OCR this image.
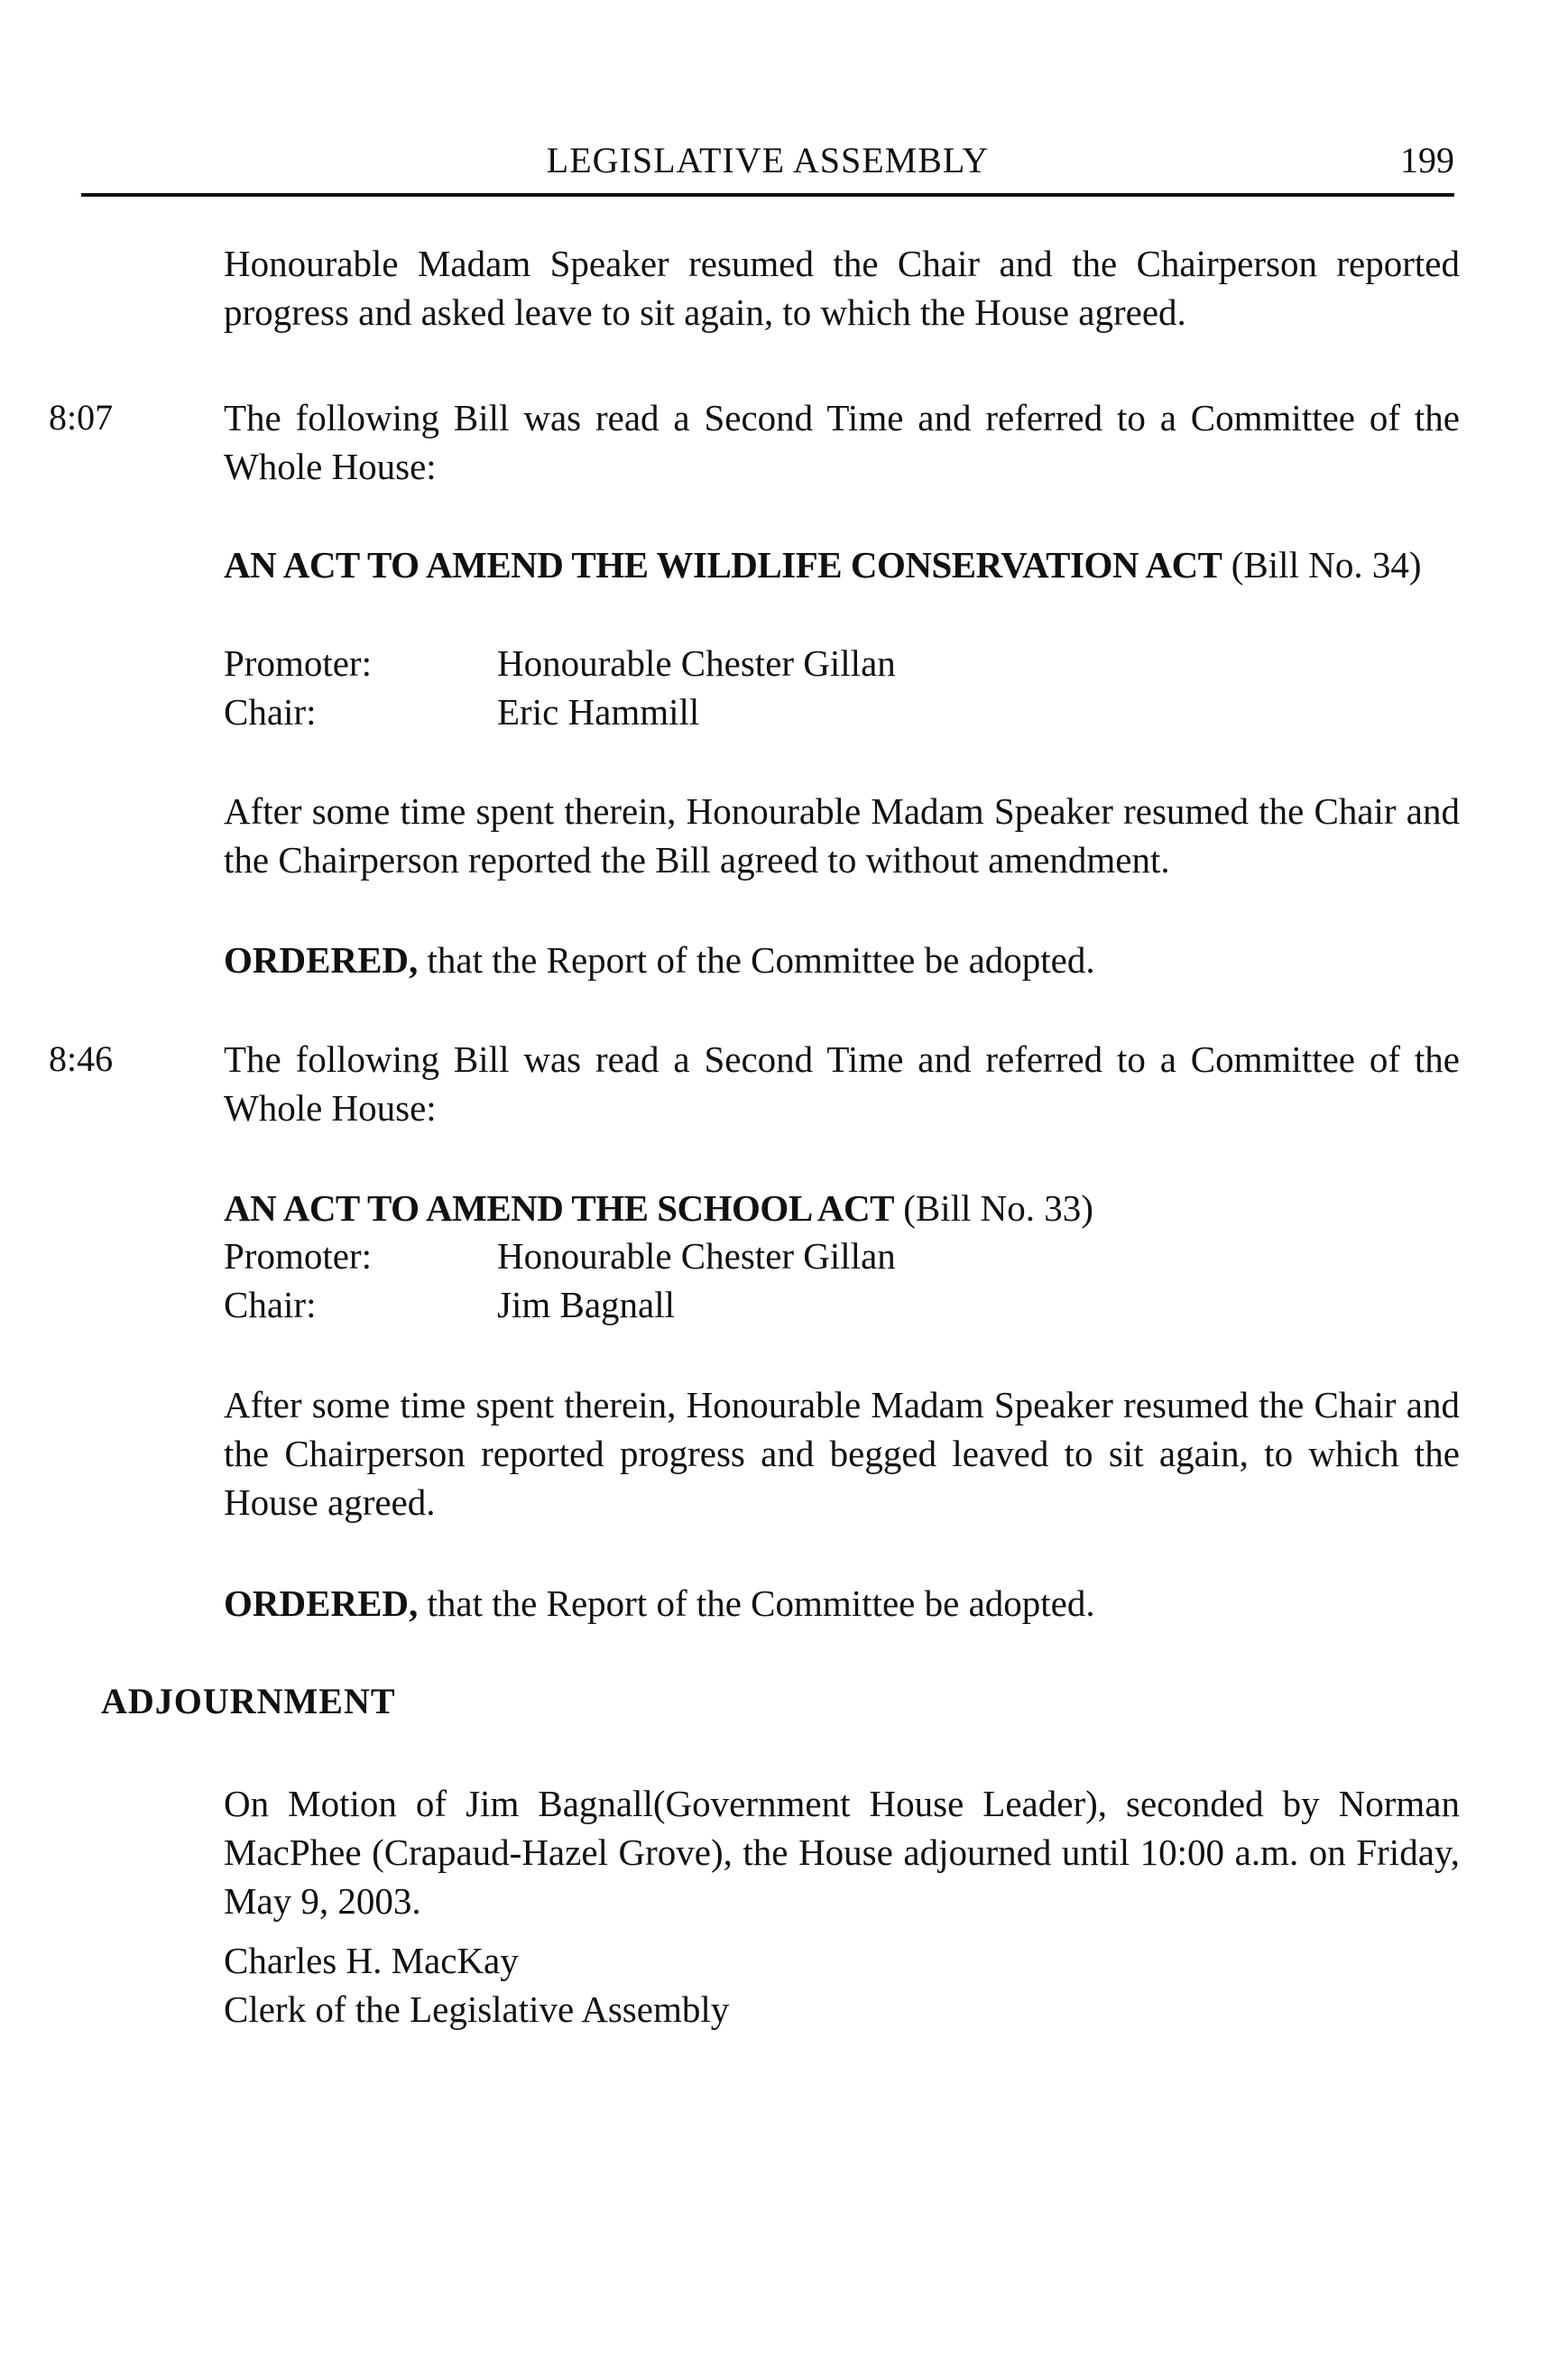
LEGISLATIVE ASSEMBLY	199

Honourable Madam Speaker resumed the Chair and the Chairperson reported progress and asked leave to sit again, to which the House agreed.

8:07	The following Bill was read a Second Time and referred to a Committee of the Whole House:

AN ACT TO AMEND THE WILDLIFE CONSERVATION ACT (Bill No. 34)

Promoter:	Honourable Chester Gillan
Chair:	Eric Hammill

After some time spent therein, Honourable Madam Speaker resumed the Chair and the Chairperson reported the Bill agreed to without amendment.

ORDERED, that the Report of the Committee be adopted.

8:46	The following Bill was read a Second Time and referred to a Committee of the Whole House:

AN ACT TO AMEND THE SCHOOL ACT (Bill No. 33)

Promoter:	Honourable Chester Gillan
Chair:	Jim Bagnall

After some time spent therein, Honourable Madam Speaker resumed the Chair and the Chairperson reported progress and begged leaved to sit again, to which the House agreed.

ORDERED, that the Report of the Committee be adopted.

ADJOURNMENT

On Motion of Jim Bagnall(Government House Leader), seconded by Norman MacPhee (Crapaud-Hazel Grove), the House adjourned until 10:00 a.m. on Friday, May 9, 2003.

Charles H. MacKay

Clerk of the Legislative Assembly
